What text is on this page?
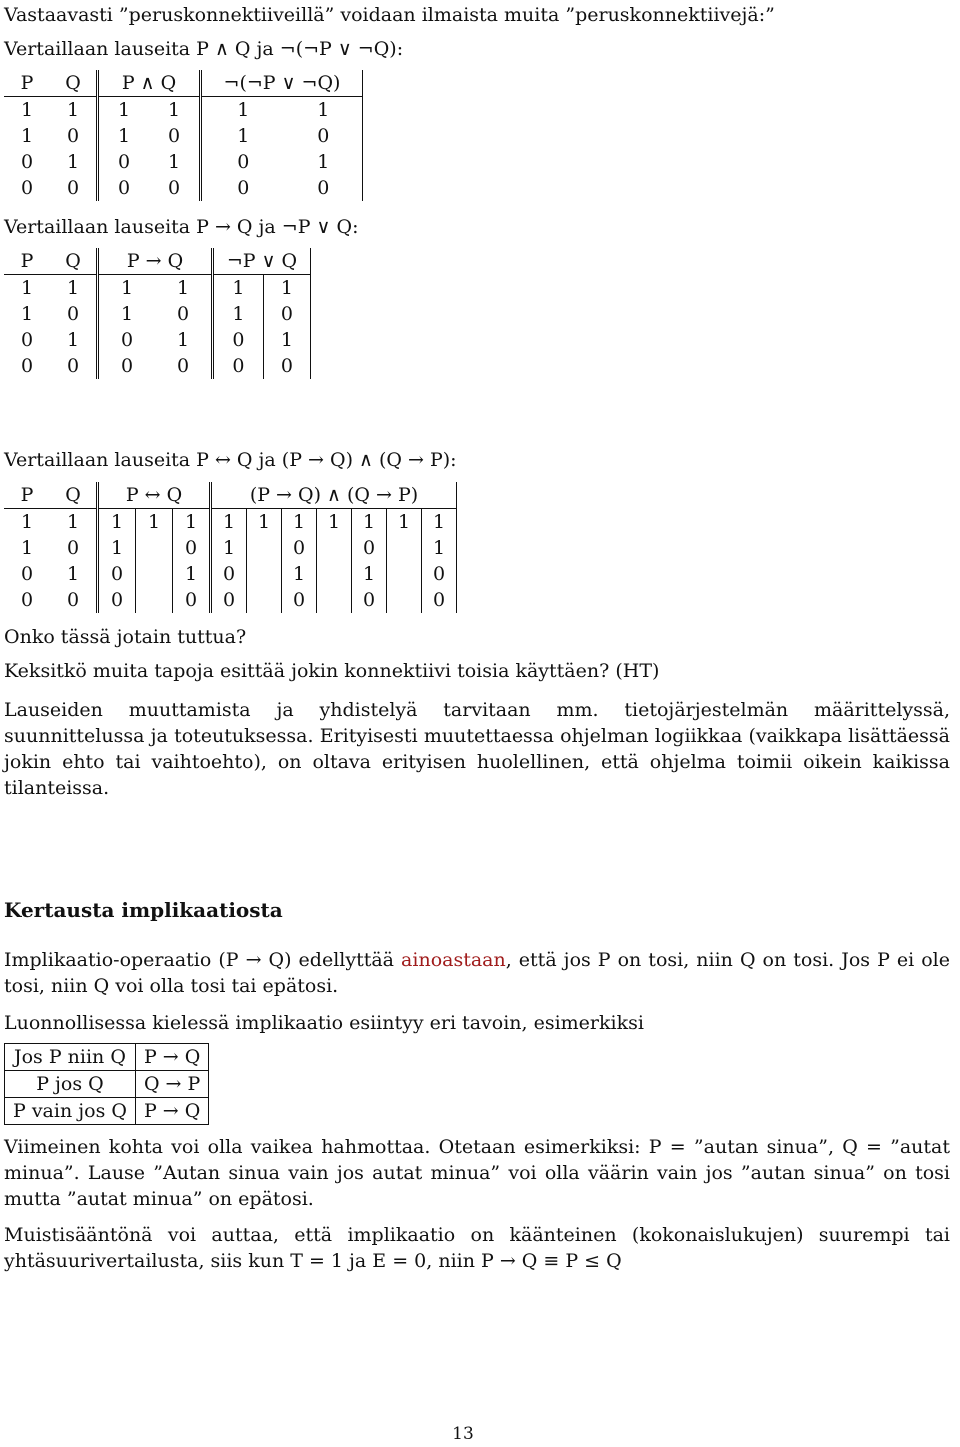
Vastaavasti ”peruskonnektiiveillä” voidaan ilmaista muita ”peruskonnektiivejä:”
Vertaillaan lauseita P ∧ Q ja ¬(¬P ∨ ¬Q):
P	Q	P ∧ Q		¬(¬P ∨ ¬Q)	
1	1	1	1	1	1
1	0	1	0	1	0
0	1	0	1	0	1
0	0	0	0	0	0
Vertaillaan lauseita P → Q ja ¬P ∨ Q:
P	Q	P → Q		¬P ∨ Q	
1	1	1	1	1	1
1	0	1	0	1	0
0	1	0	1	0	1
0	0	0	0	0	0
Vertaillaan lauseita P ↔ Q ja (P → Q) ∧ (Q → P):
P	Q	P ↔ Q			(P → Q) ∧ (Q → P)						
1	1	1	1	1	1	1	1	1	1	1	1
1	0	1		0	1		0		0		1
0	1	0		1	0		1		1		0
0	0	0		0	0		0		0		0
Onko tässä jotain tuttua?
Keksitkö muita tapoja esittää jokin konnektiivi toisia käyttäen? (HT)
Lauseiden muuttamista ja yhdistelyä tarvitaan mm. tietojärjestelmän määrittelyssä, suunnittelussa ja toteutuksessa. Erityisesti muutettaessa ohjelman logiikkaa (vaikkapa lisättäessä jokin ehto tai vaihtoehto), on oltava erityisen huolellinen, että ohjelma toimii oikein kaikissa tilanteissa.
Kertausta implikaatiosta
Implikaatio-operaatio (P → Q) edellyttää ainoastaan, että jos P on tosi, niin Q on tosi. Jos P ei ole tosi, niin Q voi olla tosi tai epätosi.
Luonnollisessa kielessä implikaatio esiintyy eri tavoin, esimerkiksi
Jos P niin Q	P → Q
P jos Q	Q → P
P vain jos Q	P → Q
Viimeinen kohta voi olla vaikea hahmottaa. Otetaan esimerkiksi: P = ”autan sinua”, Q = ”autat minua”. Lause ”Autan sinua vain jos autat minua” voi olla väärin vain jos ”autan sinua” on tosi mutta ”autat minua” on epätosi.
Muistisääntönä voi auttaa, että implikaatio on käänteinen (kokonaislukujen) suurempi tai yhtäsuurivertailusta, siis kun T = 1 ja E = 0, niin P → Q ≡ P ≤ Q
13
